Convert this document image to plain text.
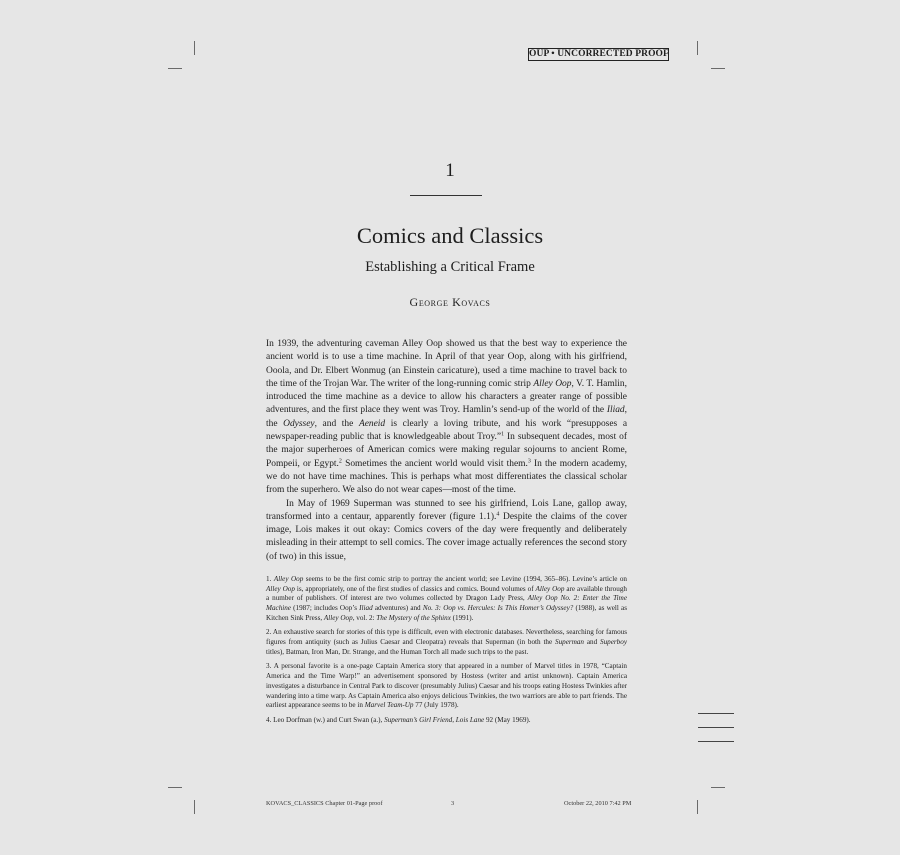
OUP • UNCORRECTED PROOF
1
Comics and Classics
Establishing a Critical Frame
George Kovacs

In 1939, the adventuring caveman Alley Oop showed us that the best way to experience the ancient world is to use a time machine. In April of that year Oop, along with his girlfriend, Ooola, and Dr. Elbert Wonmug (an Einstein caricature), used a time machine to travel back to the time of the Trojan War. The writer of the long-running comic strip Alley Oop, V. T. Hamlin, introduced the time machine as a device to allow his characters a greater range of possible adventures, and the first place they went was Troy. Hamlin’s send-up of the world of the Iliad, the Odyssey, and the Aeneid is clearly a loving tribute, and his work “presupposes a newspaper-reading public that is knowledgeable about Troy.”$^1$ In subsequent decades, most of the major superheroes of American comics were making regular sojourns to ancient Rome, Pompeii, or Egypt.$^2$ Sometimes the ancient world would visit them.$^3$ In the modern academy, we do not have time machines. This is perhaps what most differentiates the classical scholar from the superhero. We also do not wear capes—most of the time.

In May of 1969 Superman was stunned to see his girlfriend, Lois Lane, gallop away, transformed into a centaur, apparently forever (figure 1.1).$^4$ Despite the claims of the cover image, Lois makes it out okay: Comics covers of the day were frequently and deliberately misleading in their attempt to sell comics. The cover image actually references the second story (of two) in this issue,

1. Alley Oop seems to be the first comic strip to portray the ancient world; see Levine (1994, 365–86). Levine’s article on Alley Oop is, appropriately, one of the first studies of classics and comics. Bound volumes of Alley Oop are available through a number of publishers. Of interest are two volumes collected by Dragon Lady Press, Alley Oop No. 2: Enter the Time Machine (1987; includes Oop’s Iliad adventures) and No. 3: Oop vs. Hercules: Is This Homer’s Odyssey? (1988), as well as Kitchen Sink Press, Alley Oop, vol. 2: The Mystery of the Sphinx (1991).

2. An exhaustive search for stories of this type is difficult, even with electronic databases. Nevertheless, searching for famous figures from antiquity (such as Julius Caesar and Cleopatra) reveals that Superman (in both the Superman and Superboy titles), Batman, Iron Man, Dr. Strange, and the Human Torch all made such trips to the past.

3. A personal favorite is a one-page Captain America story that appeared in a number of Marvel titles in 1978, “Captain America and the Time Warp!” an advertisement sponsored by Hostess (writer and artist unknown). Captain America investigates a disturbance in Central Park to discover (presumably Julius) Caesar and his troops eating Hostess Twinkies after wandering into a time warp. As Captain America also enjoys delicious Twinkies, the two warriors are able to part friends. The earliest appearance seems to be in Marvel Team-Up 77 (July 1978).

4. Leo Dorfman (w.) and Curt Swan (a.), Superman’s Girl Friend, Lois Lane 92 (May 1969).

KOVACS_CLASSICS Chapter 01-Page proof	3	October 22, 2010 7:42 PM
